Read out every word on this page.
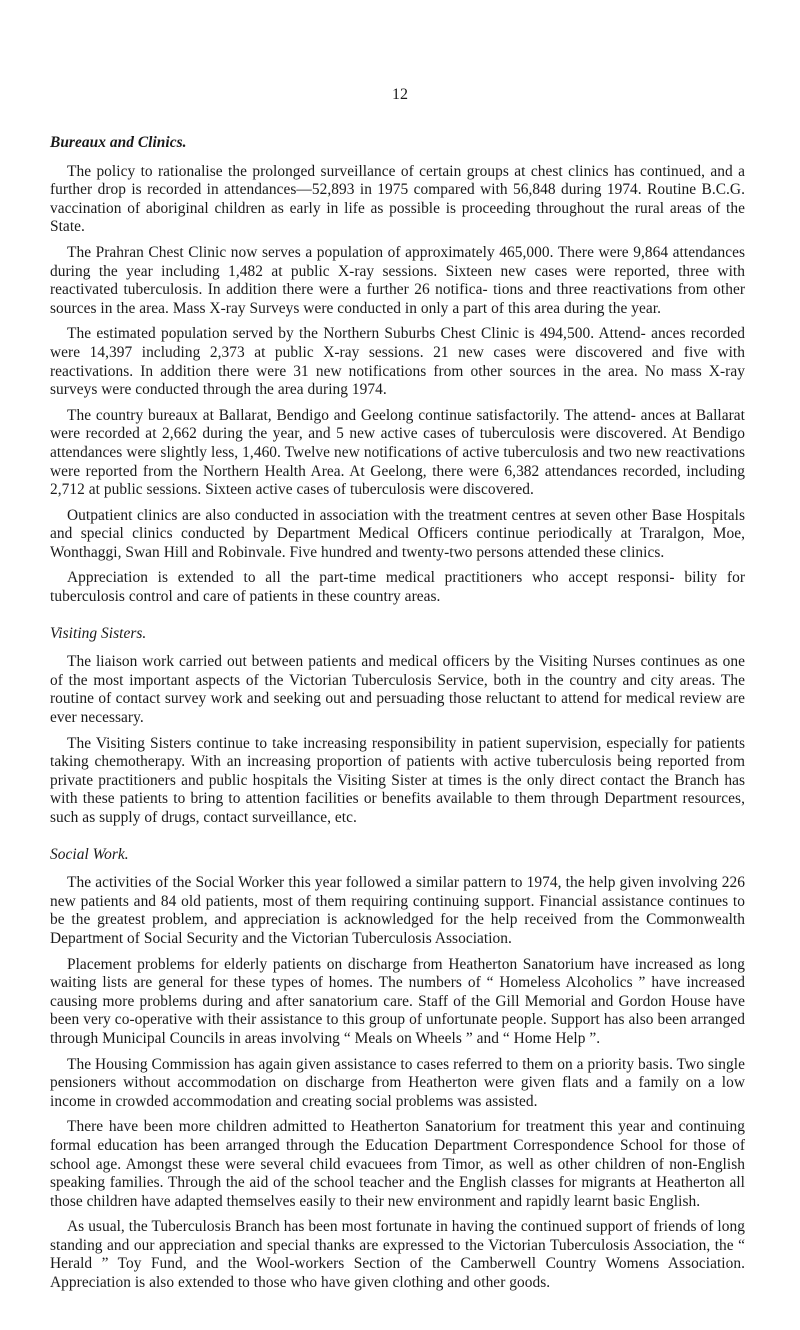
12
Bureaux and Clinics.

The policy to rationalise the prolonged surveillance of certain groups at chest clinics has continued, and a further drop is recorded in attendances—52,893 in 1975 compared with 56,848 during 1974. Routine B.C.G. vaccination of aboriginal children as early in life as possible is proceeding throughout the rural areas of the State.

The Prahran Chest Clinic now serves a population of approximately 465,000. There were 9,864 attendances during the year including 1,482 at public X-ray sessions. Sixteen new cases were reported, three with reactivated tuberculosis. In addition there were a further 26 notifica- tions and three reactivations from other sources in the area. Mass X-ray Surveys were conducted in only a part of this area during the year.

The estimated population served by the Northern Suburbs Chest Clinic is 494,500. Attend- ances recorded were 14,397 including 2,373 at public X-ray sessions. 21 new cases were discovered and five with reactivations. In addition there were 31 new notifications from other sources in the area. No mass X-ray surveys were conducted through the area during 1974.

The country bureaux at Ballarat, Bendigo and Geelong continue satisfactorily. The attend- ances at Ballarat were recorded at 2,662 during the year, and 5 new active cases of tuberculosis were discovered. At Bendigo attendances were slightly less, 1,460. Twelve new notifications of active tuberculosis and two new reactivations were reported from the Northern Health Area. At Geelong, there were 6,382 attendances recorded, including 2,712 at public sessions. Sixteen active cases of tuberculosis were discovered.

Outpatient clinics are also conducted in association with the treatment centres at seven other Base Hospitals and special clinics conducted by Department Medical Officers continue periodically at Traralgon, Moe, Wonthaggi, Swan Hill and Robinvale. Five hundred and twenty-two persons attended these clinics.

Appreciation is extended to all the part-time medical practitioners who accept responsi- bility for tuberculosis control and care of patients in these country areas.

Visiting Sisters.

The liaison work carried out between patients and medical officers by the Visiting Nurses continues as one of the most important aspects of the Victorian Tuberculosis Service, both in the country and city areas. The routine of contact survey work and seeking out and persuading those reluctant to attend for medical review are ever necessary.

The Visiting Sisters continue to take increasing responsibility in patient supervision, especially for patients taking chemotherapy. With an increasing proportion of patients with active tuberculosis being reported from private practitioners and public hospitals the Visiting Sister at times is the only direct contact the Branch has with these patients to bring to attention facilities or benefits available to them through Department resources, such as supply of drugs, contact surveillance, etc.

Social Work.

The activities of the Social Worker this year followed a similar pattern to 1974, the help given involving 226 new patients and 84 old patients, most of them requiring continuing support. Financial assistance continues to be the greatest problem, and appreciation is acknowledged for the help received from the Commonwealth Department of Social Security and the Victorian Tuberculosis Association.

Placement problems for elderly patients on discharge from Heatherton Sanatorium have increased as long waiting lists are general for these types of homes. The numbers of “ Homeless Alcoholics ” have increased causing more problems during and after sanatorium care. Staff of the Gill Memorial and Gordon House have been very co-operative with their assistance to this group of unfortunate people. Support has also been arranged through Municipal Councils in areas involving “ Meals on Wheels ” and “ Home Help ”.

The Housing Commission has again given assistance to cases referred to them on a priority basis. Two single pensioners without accommodation on discharge from Heatherton were given flats and a family on a low income in crowded accommodation and creating social problems was assisted.

There have been more children admitted to Heatherton Sanatorium for treatment this year and continuing formal education has been arranged through the Education Department Correspondence School for those of school age. Amongst these were several child evacuees from Timor, as well as other children of non-English speaking families. Through the aid of the school teacher and the English classes for migrants at Heatherton all those children have adapted themselves easily to their new environment and rapidly learnt basic English.

As usual, the Tuberculosis Branch has been most fortunate in having the continued support of friends of long standing and our appreciation and special thanks are expressed to the Victorian Tuberculosis Association, the “ Herald ” Toy Fund, and the Wool-workers Section of the Camberwell Country Womens Association. Appreciation is also extended to those who have given clothing and other goods.
